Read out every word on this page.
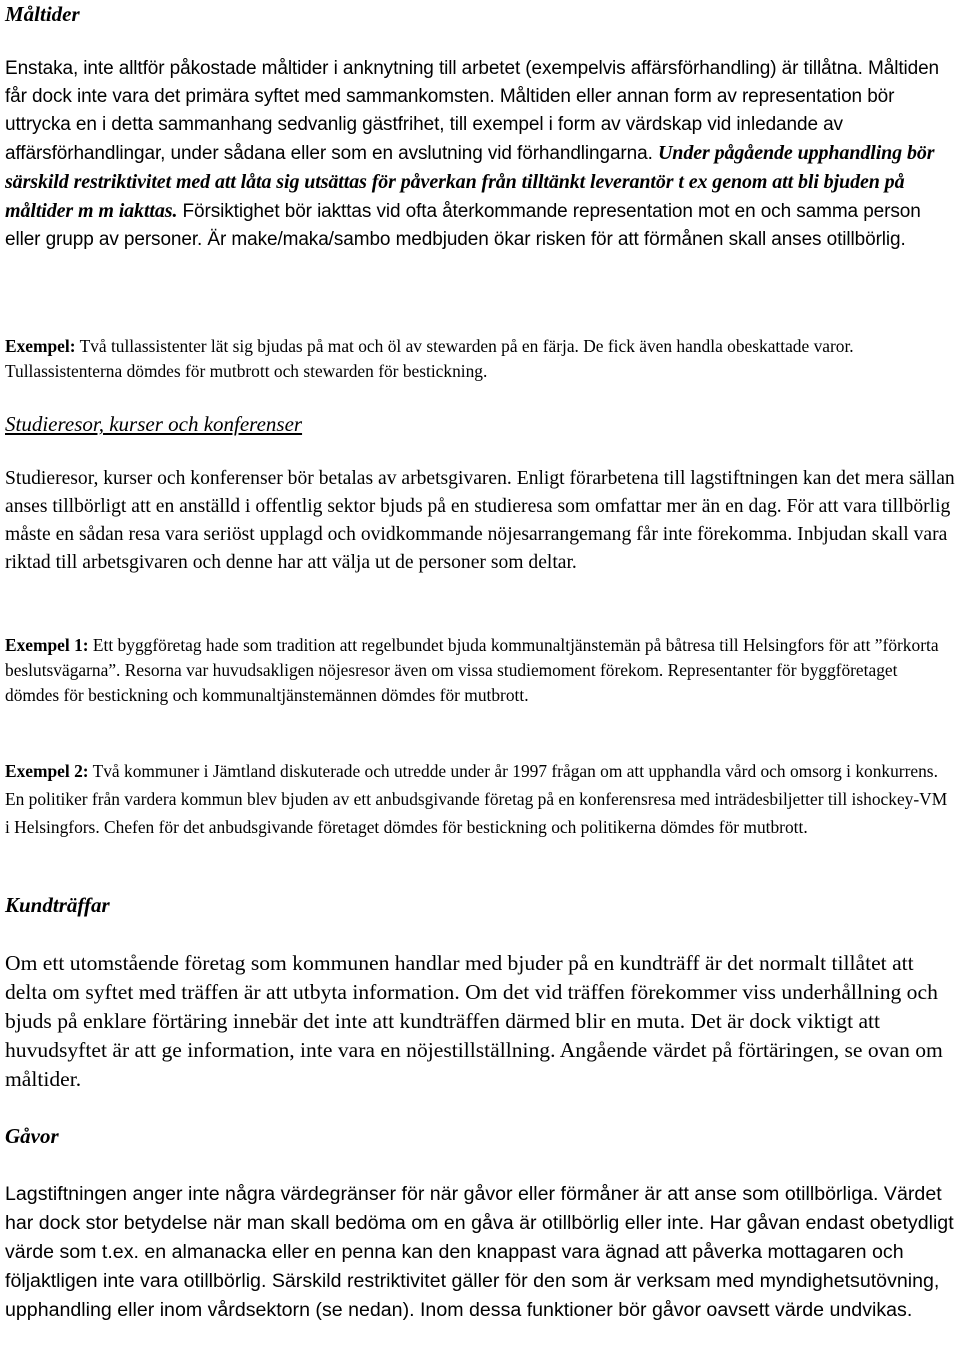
Måltider

Enstaka, inte alltför påkostade måltider i anknytning till arbetet (exempelvis affärsförhandling) är tillåtna. Måltiden får dock inte vara det primära syftet med sammankomsten. Måltiden eller annan form av representation bör uttrycka en i detta sammanhang sedvanlig gästfrihet, till exempel i form av värdskap vid inledande av affärsförhandlingar, under sådana eller som en avslutning vid förhandlingarna. Under pågående upphandling bör särskild restriktivitet med att låta sig utsättas för påverkan från tilltänkt leverantör t ex genom att bli bjuden på måltider m m iakttas. Försiktighet bör iakttas vid ofta återkommande representation mot en och samma person eller grupp av personer. Är make/maka/sambo medbjuden ökar risken för att förmånen skall anses otillbörlig.

Exempel: Två tullassistenter lät sig bjudas på mat och öl av stewarden på en färja. De fick även handla obeskattade varor. Tullassistenterna dömdes för mutbrott och stewarden för bestickning.

Studieresor, kurser och konferenser

Studieresor, kurser och konferenser bör betalas av arbetsgivaren. Enligt förarbetena till lagstiftningen kan det mera sällan anses tillbörligt att en anställd i offentlig sektor bjuds på en studieresa som omfattar mer än en dag. För att vara tillbörlig måste en sådan resa vara seriöst upplagd och ovidkommande nöjesarrangemang får inte förekomma. Inbjudan skall vara riktad till arbetsgivaren och denne har att välja ut de personer som deltar.

Exempel 1: Ett byggföretag hade som tradition att regelbundet bjuda kommunaltjänstemän på båtresa till Helsingfors för att ”förkorta beslutsvägarna”. Resorna var huvudsakligen nöjesresor även om vissa studiemoment förekom. Representanter för byggföretaget dömdes för bestickning och kommunaltjänstemännen dömdes för mutbrott.

Exempel 2: Två kommuner i Jämtland diskuterade och utredde under år 1997 frågan om att upphandla vård och omsorg i konkurrens. En politiker från vardera kommun blev bjuden av ett anbudsgivande företag på en konferensresa med inträdesbiljetter till ishockey-VM i Helsingfors. Chefen för det anbudsgivande företaget dömdes för bestickning och politikerna dömdes för mutbrott.

Kundträffar

Om ett utomstående företag som kommunen handlar med bjuder på en kundträff är det normalt tillåtet att delta om syftet med träffen är att utbyta information. Om det vid träffen förekommer viss underhållning och bjuds på enklare förtäring innebär det inte att kundträffen därmed blir en muta. Det är dock viktigt att huvudsyftet är att ge information, inte vara en nöjestillställning. Angående värdet på förtäringen, se ovan om måltider.

Gåvor

Lagstiftningen anger inte några värdegränser för när gåvor eller förmåner är att anse som otillbörliga. Värdet har dock stor betydelse när man skall bedöma om en gåva är otillbörlig eller inte. Har gåvan endast obetydligt värde som t.ex. en almanacka eller en penna kan den knappast vara ägnad att påverka mottagaren och följaktligen inte vara otillbörlig. Särskild restriktivitet gäller för den som är verksam med myndighetsutövning, upphandling eller inom vårdsektorn (se nedan). Inom dessa funktioner bör gåvor oavsett värde undvikas.
